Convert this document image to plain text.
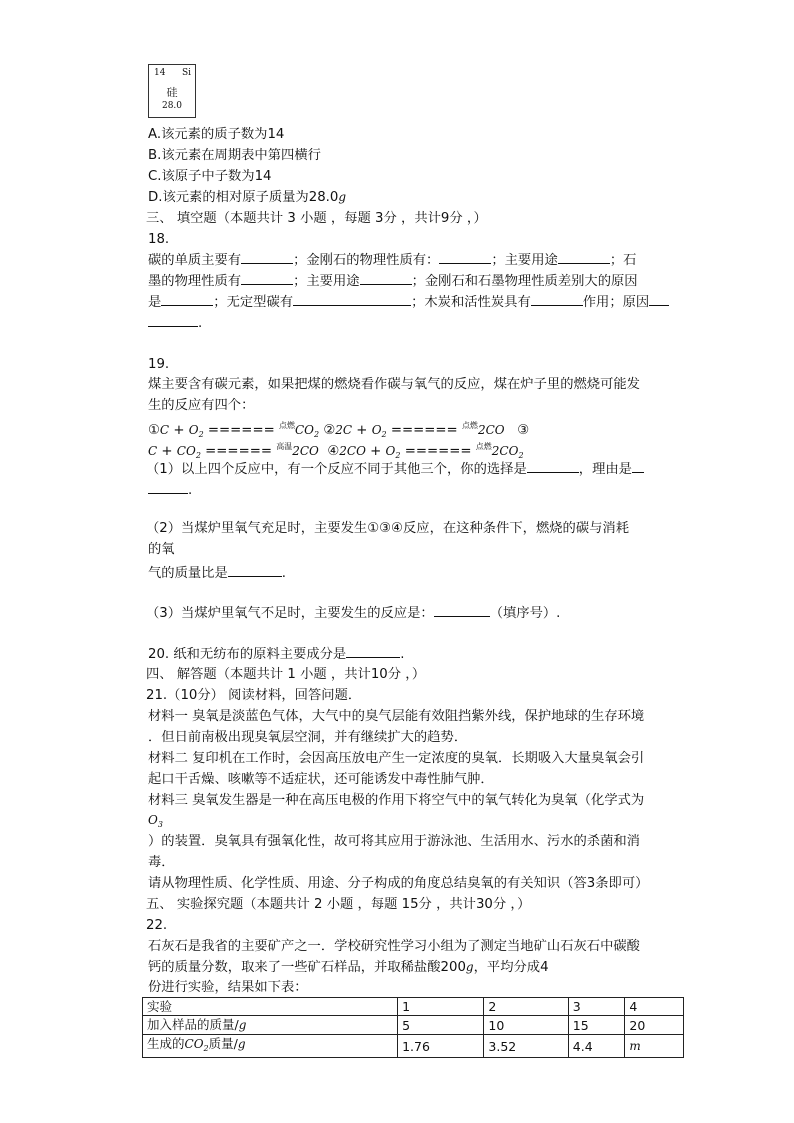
14 Si
硅
28.0
A.该元素的质子数为14
B.该元素在周期表中第四横行
C.该原子中子数为14
D.该元素的相对原子质量为28.0g
三、 填空题（本题共计 3 小题 ，每题 3分 ，共计9分 ，）
18.
碳的单质主要有	；金刚石的物理性质有：	；主要用途	；石
墨的物理性质有	；主要用途	；金刚石和石墨物理性质差别大的原因
是	；无定型碳有	；木炭和活性炭具有	作用；原因
.
19.
煤主要含有碳元素，如果把煤的燃烧看作碳与氧气的反应，煤在炉子里的燃烧可能发
生的反应有四个：
①C + $O_2$ ====== $^{点燃}CO_2$ ②2C + $O_2$ ====== $^{点燃}$2CO ③
$C + CO_2$ ====== $^{高温}$2CO ④2CO + $O_2$ ====== $^{点燃}2CO_2$
（1）以上四个反应中，有一个反应不同于其他三个，你的选择是	，理由是
.
（2）当煤炉里氧气充足时，主要发生①③④反应，在这种条件下，燃烧的碳与消耗
的氧
气的质量比是	.
（3）当煤炉里氧气不足时，主要发生的反应是：	（填序号）.
20. 纸和无纺布的原料主要成分是	.
四、 解答题（本题共计 1 小题 ，共计10分 ，）
21.（10分） 阅读材料，回答问题．
材料一 臭氧是淡蓝色气体，大气中的臭气层能有效阻挡紫外线，保护地球的生存环境
．但日前南极出现臭氧层空洞，并有继续扩大的趋势．
材料二 复印机在工作时，会因高压放电产生一定浓度的臭氧．长期吸入大量臭氧会引
起口干舌燥、咳嗽等不适症状，还可能诱发中毒性肺气肿．
材料三 臭氧发生器是一种在高压电极的作用下将空气中的氧气转化为臭氧（化学式为
$O_3$
）的装置．臭氧具有强氧化性，故可将其应用于游泳池、生活用水、污水的杀菌和消
毒．
请从物理性质、化学性质、用途、分子构成的角度总结臭氧的有关知识（答3条即可）
五、 实验探究题（本题共计 2 小题 ，每题 15分 ，共计30分 ，）
22.
石灰石是我省的主要矿产之一．学校研究性学习小组为了测定当地矿山石灰石中碳酸
钙的质量分数，取来了一些矿石样品，并取稀盐酸200g，平均分成4
份进行实验，结果如下表：
实验	1	2	3	4
加入样品的质量/g	5	10	15	20
生成的$CO_2$质量/g	1.76	3.52	4.4	m
